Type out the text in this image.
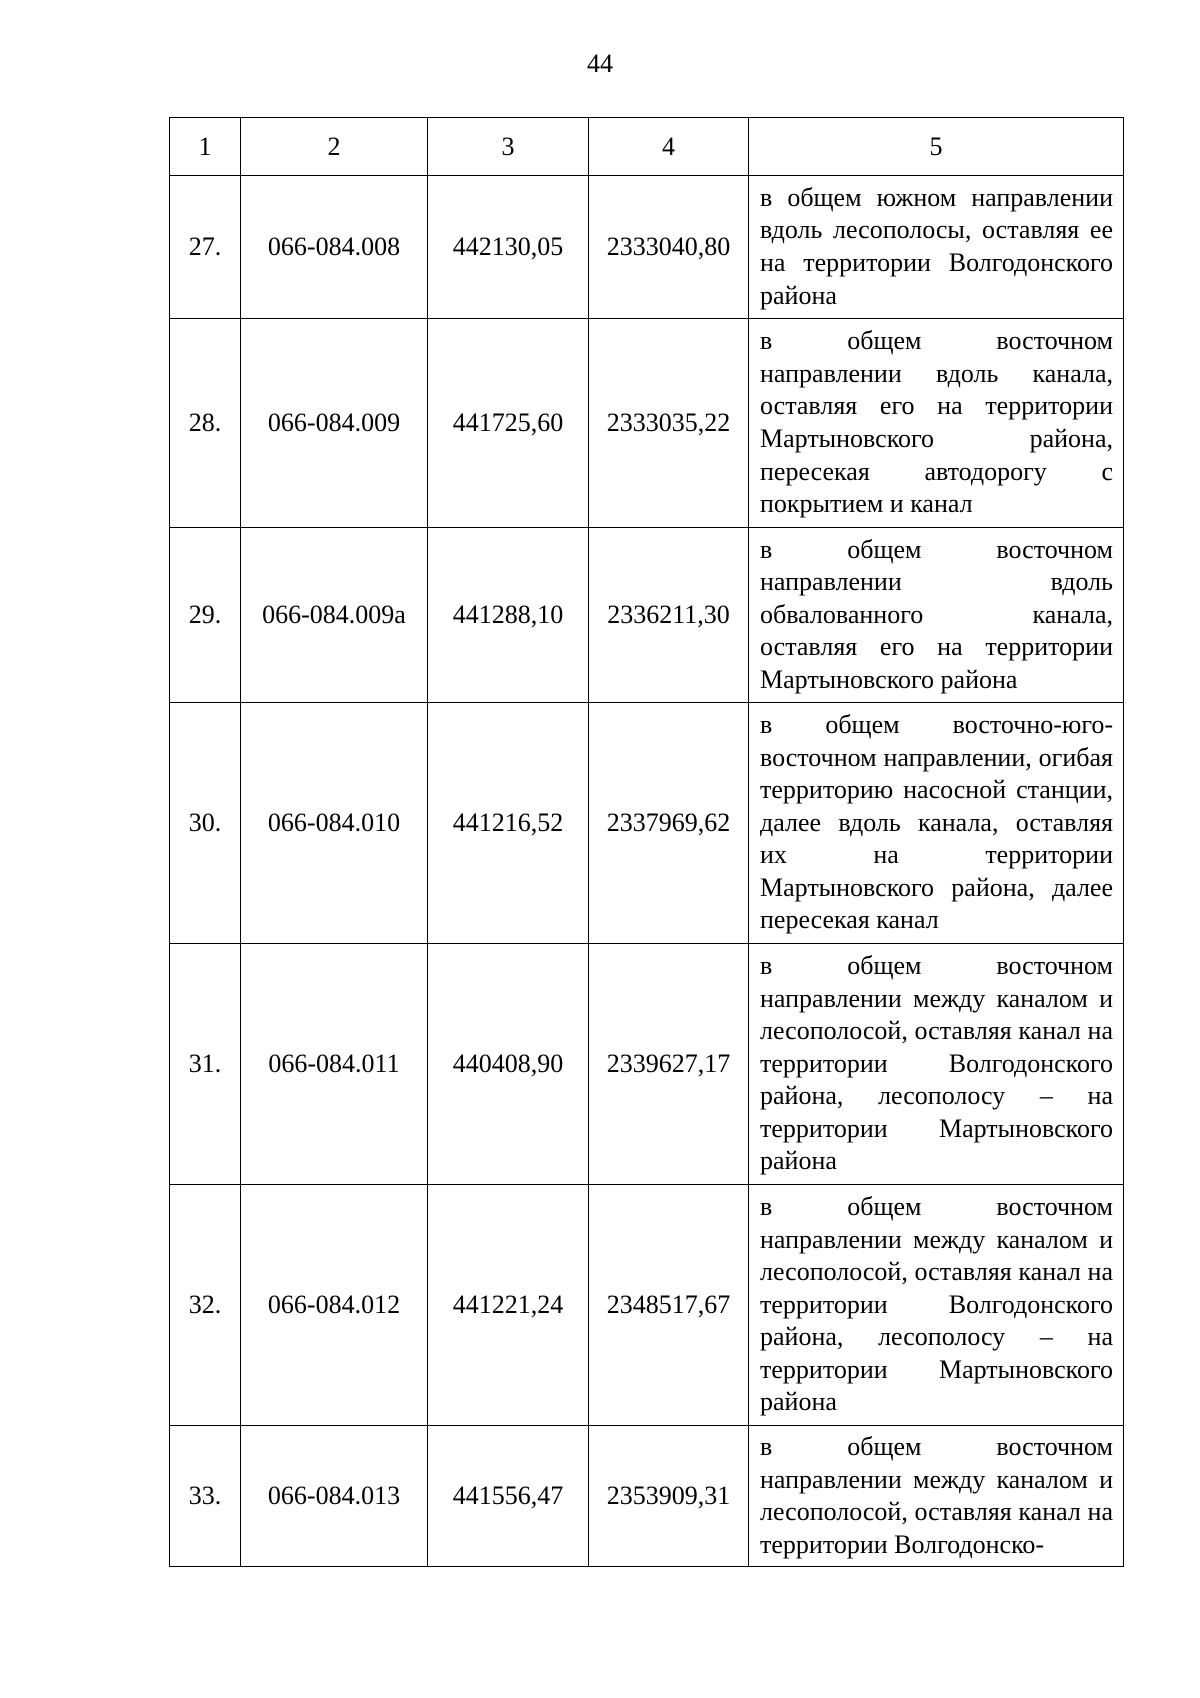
44
1	2	3	4	5
27.	066-084.008	442130,05	2333040,80	в общем южном направлении вдоль лесополосы, оставляя ее на территории Волгодонского района
28.	066-084.009	441725,60	2333035,22	в общем восточном направлении вдоль канала, оставляя его на территории Мартыновского района, пересекая автодорогу с покрытием и канал
29.	066-084.009а	441288,10	2336211,30	в общем восточном направлении вдоль обвалованного канала, оставляя его на территории Мартыновского района
30.	066-084.010	441216,52	2337969,62	в общем восточно-юго-восточном направлении, огибая территорию насосной станции, далее вдоль канала, оставляя их на территории Мартыновского района, далее пересекая канал
31.	066-084.011	440408,90	2339627,17	в общем восточном направлении между каналом и лесополосой, оставляя канал на территории Волгодонского района, лесополосу – на территории Мартыновского района
32.	066-084.012	441221,24	2348517,67	в общем восточном направлении между каналом и лесополосой, оставляя канал на территории Волгодонского района, лесополосу – на территории Мартыновского района
33.	066-084.013	441556,47	2353909,31	в общем восточном направлении между каналом и лесополосой, оставляя канал на территории Волгодонско-
